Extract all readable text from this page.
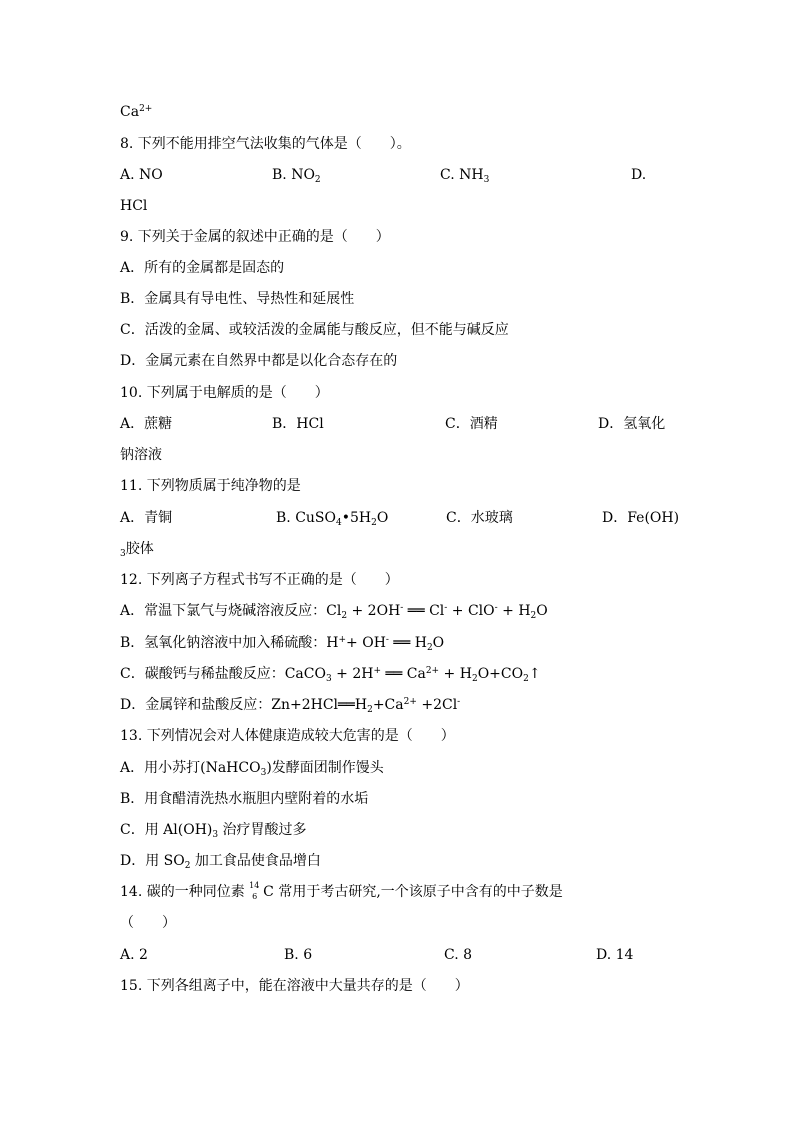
$Ca^{2+}$
8. 下列不能用排空气法收集的气体是（　　）。
A. NO	B. $NO_2$	C. $NH_3$	D.
HCl
9. 下列关于金属的叙述中正确的是（　　）
A．所有的金属都是固态的
B．金属具有导电性、导热性和延展性
C．活泼的金属、或较活泼的金属能与酸反应，但不能与碱反应
D．金属元素在自然界中都是以化合态存在的
10. 下列属于电解质的是（　　）
A．蔗糖	B．HCl	C．酒精	D．氢氧化
钠溶液
11. 下列物质属于纯净物的是
A．青铜	B. $CuSO_4•5H_2O$	C．水玻璃	D．Fe(OH)
$_3$胶体
12. 下列离子方程式书写不正确的是（　　）
A．常温下氯气与烧碱溶液反应：$Cl_2 + 2OH^-$ ══ $Cl^- + ClO^- + H_2O$
B．氢氧化钠溶液中加入稀硫酸：H++ OH- ══ $H_2O$
C．碳酸钙与稀盐酸反应：CaCO$_3$ + 2H+ ══ $Ca^{2+}$ + $H_2O+CO_2↑$
D．金属锌和盐酸反应：$Zn+2HCl══H_2+Ca^{2+} +2Cl^-$
13. 下列情况会对人体健康造成较大危害的是（　　）
A．用小苏打(NaHCO$_3$)发酵面团制作馒头
B．用食醋清洗热水瓶胆内壁附着的水垢
C．用 $Al(OH)_3$ 治疗胃酸过多
D．用 $SO_2$ 加工食品使食品增白
14. 碳的一种同位素 14
6 C 常用于考古研究,一个该原子中含有的中子数是
（　　）
A. 2	B. 6	C. 8	D. 14
15. 下列各组离子中，能在溶液中大量共存的是（　　）
